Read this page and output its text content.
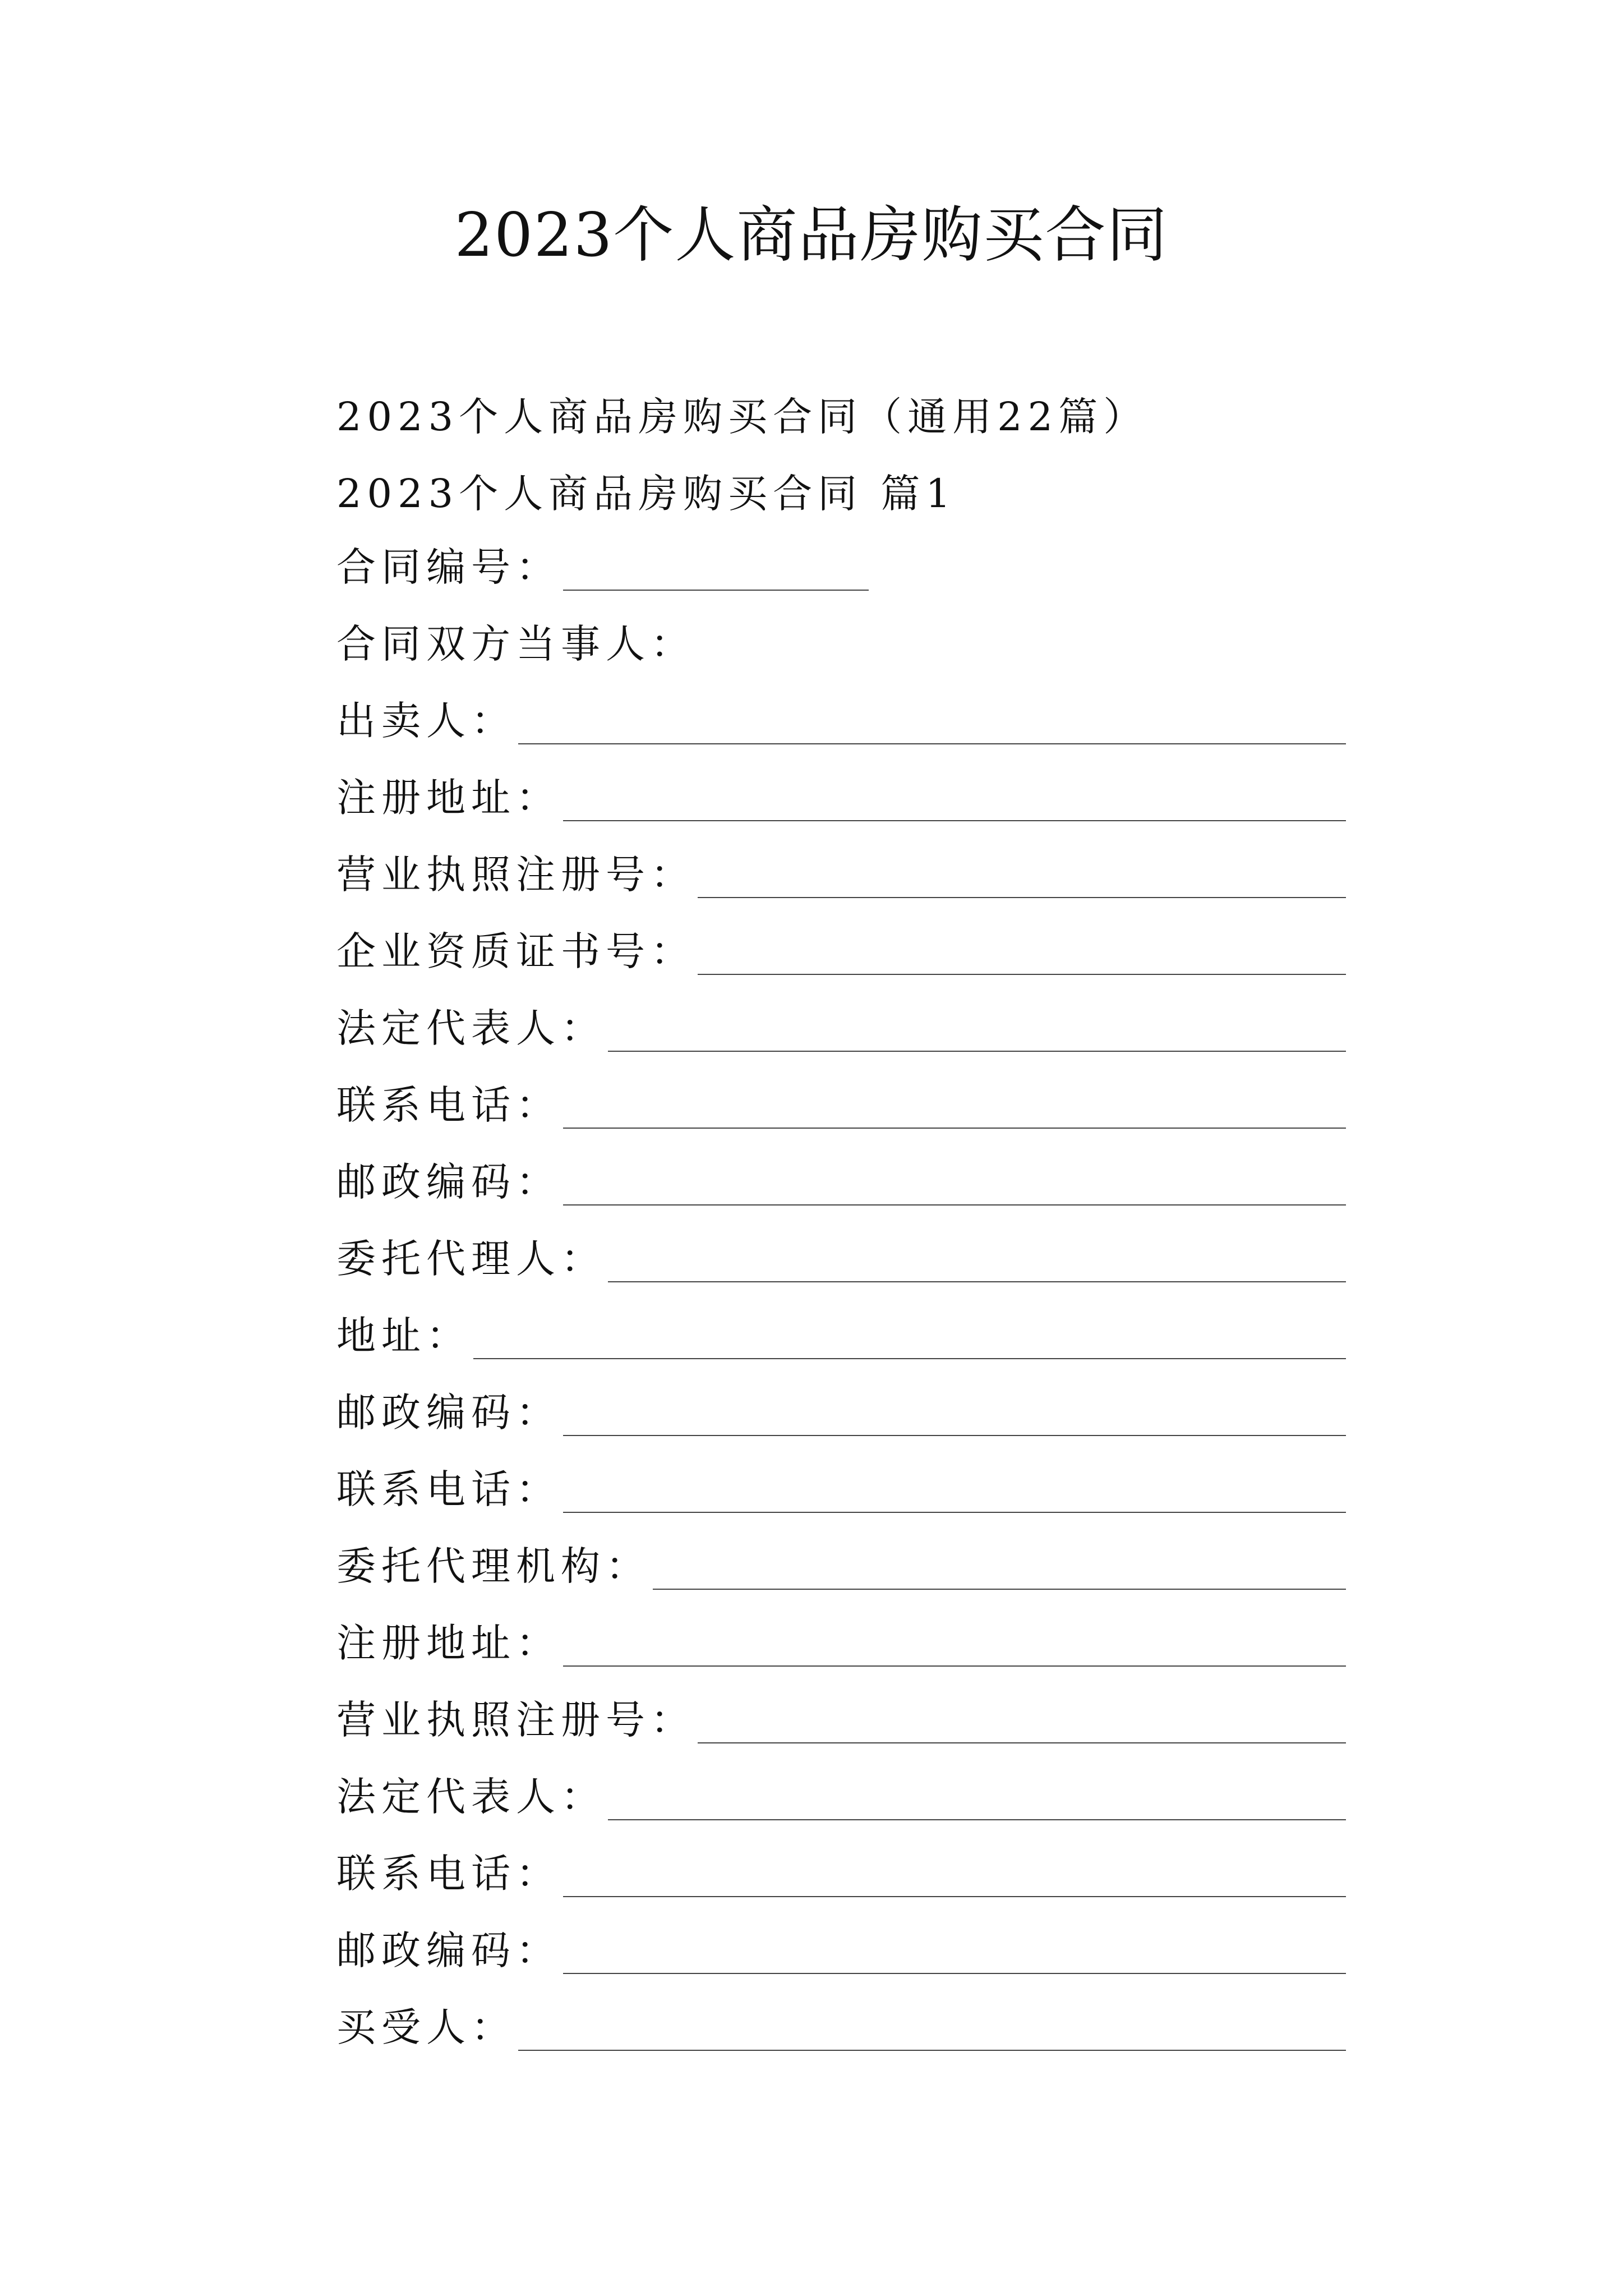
2023个人商品房购买合同
2023个人商品房购买合同（通用22篇）
2023个人商品房购买合同 篇1
合同编号：
合同双方当事人：
出卖人：
注册地址：
营业执照注册号：
企业资质证书号：
法定代表人：
联系电话：
邮政编码：
委托代理人：
地址：
邮政编码：
联系电话：
委托代理机构：
注册地址：
营业执照注册号：
法定代表人：
联系电话：
邮政编码：
买受人：
